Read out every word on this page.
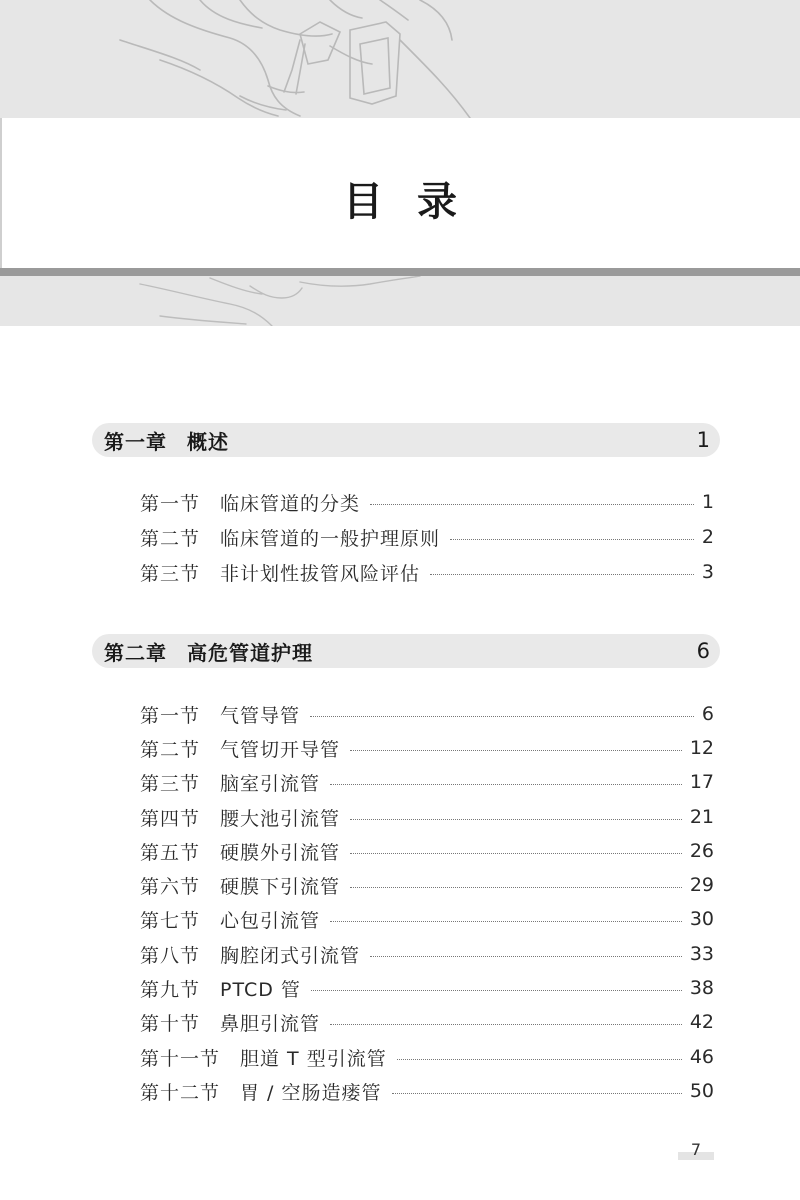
目录
第一章 概述	1
第一节 临床管道的分类	1
第二节 临床管道的一般护理原则	2
第三节 非计划性拔管风险评估	3
第二章 高危管道护理	6
第一节 气管导管	6
第二节 气管切开导管	12
第三节 脑室引流管	17
第四节 腰大池引流管	21
第五节 硬膜外引流管	26
第六节 硬膜下引流管	29
第七节 心包引流管	30
第八节 胸腔闭式引流管	33
第九节 PTCD 管	38
第十节 鼻胆引流管	42
第十一节 胆道 T 型引流管	46
第十二节 胃 / 空肠造瘘管	50
7
